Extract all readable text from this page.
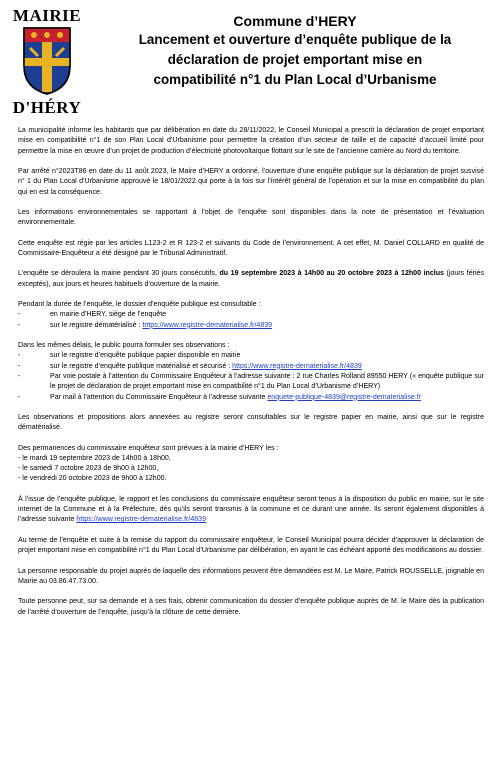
MAIRIE
D'HÉRY
Commune d’HERY
Lancement et ouverture d’enquête publique de la
déclaration de projet emportant mise en
compatibilité n°1 du Plan Local d’Urbanisme

La municipalité informe les habitants que par délibération en date du 28/11/2022, le Conseil Municipal a prescrit la déclaration de projet emportant mise en compatibilité n°1 de son Plan Local d’Urbanisme pour permettre la création d’un secteur de taille et de capacité d’accueil limité pour permettre la mise en œuvre d’un projet de production d’électricité photovoltaïque flottant sur le site de l’ancienne carrière au Nord du territoire.

Par arrêté n°2023T86 en date du 11 août 2023, le Maire d’HERY a ordonné, l’ouverture d’une enquête publique sur la déclaration de projet susvisé n° 1 du Plan Local d’Urbanisme approuvé le 18/01/2022 qui porte à la fois sur l’intérêt général de l’opération et sur la mise en compatibilité du plan qui en est la conséquence.

Les informations environnementales se rapportant à l’objet de l’enquête sont disponibles dans la note de présentation et l’évaluation environnementale.

Cette enquête est régie par les articles L123-2 et R 123-2 et suivants du Code de l’environnement. A cet effet, M. Daniel COLLARD en qualité de Commissaire-Enquêteur a été désigné par le Tribunal Administratif.

L’enquête se déroulera la mairie pendant 30 jours consécutifs, du 19 septembre 2023 à 14h00 au 20 octobre 2023 à 12h00 inclus (jours fériés exceptés), aux jours et heures habituels d’ouverture de la mairie.

Pendant la durée de l’enquête, le dossier d’enquête publique est consultable :

-	en mairie d’HERY, siège de l’enquête
-	sur le registre dématérialisé : https://www.registre-dematerialise.fr/4839

Dans les mêmes délais, le public pourra formuler ses observations :

-	sur le registre d’enquête publique papier disponible en mairie
-	sur le registre d’enquête publique matérialisé et sécurisé : https://www.registre-dematerialise.fr/4839
-	Par voie postale à l’attention du Commissaire Enquêteur à l’adresse suivante : 2 rue Charles Rolland 89550 HERY (« enquête publique sur le projet de déclaration de projet emportant mise en compatibilité n°1 du Plan Local d’Urbanisme d’HERY)
-	Par mail à l’attention du Commissaire Enquêteur à l’adresse suivante enquete-publique-4839@registre-dematerialise.fr

Les observations et propositions alors annexées au registre seront consultables sur le registre papier en mairie, ainsi que sur le registre dématérialisé.

Des permanences du commissaire enquêteur sont prévues à la mairie d’HERY les :
- le mardi 19 septembre 2023 de 14h00 à 18h00,
- le samedi 7 octobre 2023 de 9h00 à 12h00,
- le vendredi 20 octobre 2023 de 9h00 à 12h00.

À l’issue de l’enquête publique, le rapport et les conclusions du commissaire enquêteur seront tenus à la disposition du public en mairie, sur le site internet de la Commune et à la Préfecture, dès qu’ils seront transmis à la commune et ce durant une année. Ils seront également disponibles à l’adresse suivante https://www.registre-dematerialise.fr/4839

Au terme de l’enquête et suite à la remise du rapport du commissaire enquêteur, le Conseil Municipal pourra décider d’approuver la déclaration de projet emportant mise en compatibilité n°1 du Plan Local d’Urbanisme par délibération, en ayant le cas échéant apporté des modifications au dossier.

La personne responsable du projet auprès de laquelle des informations peuvent être demandées est M. Le Maire, Patrick ROUSSELLE, joignable en Mairie au 03.86.47.73.00.

Toute personne peut, sur sa demande et à ses frais, obtenir communication du dossier d’enquête publique auprès de M. le Maire dès la publication de l’arrêté d’ouverture de l’enquête, jusqu’à la clôture de cette dernière.
